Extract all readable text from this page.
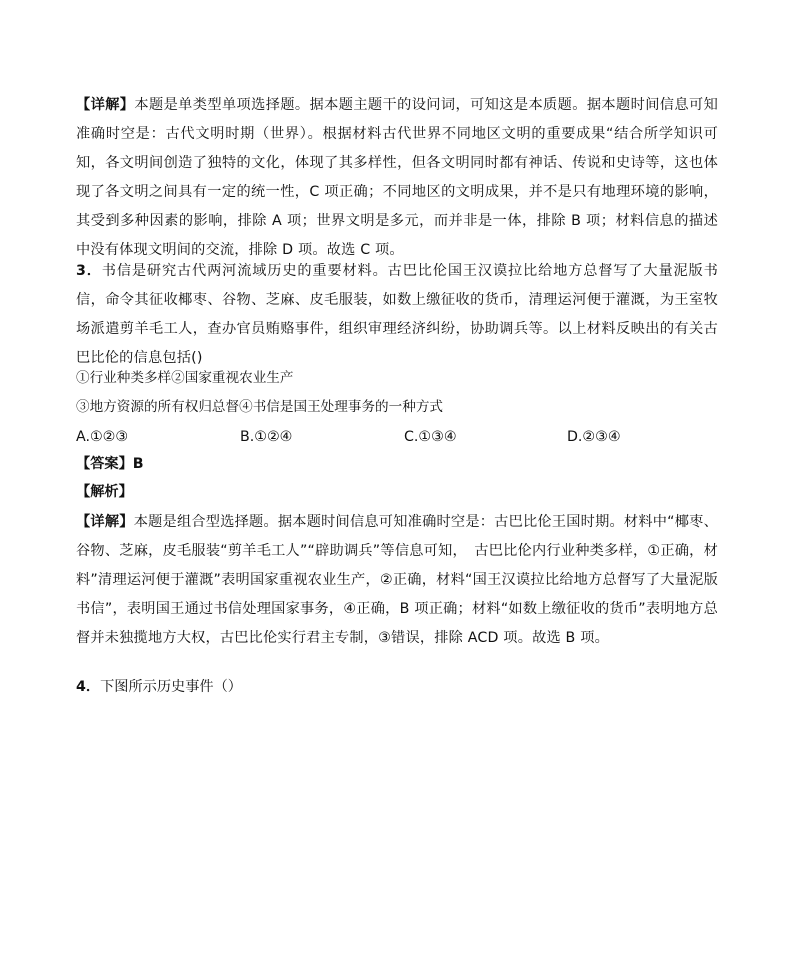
【详解】本题是单类型单项选择题。据本题主题干的设问词，可知这是本质题。据本题时间信息可知准确时空是：古代文明时期（世界）。根据材料古代世界不同地区文明的重要成果“结合所学知识可知，各文明间创造了独特的文化，体现了其多样性，但各文明同时都有神话、传说和史诗等，这也体现了各文明之间具有一定的统一性，C 项正确；不同地区的文明成果，并不是只有地理环境的影响，其受到多种因素的影响，排除 A 项；世界文明是多元，而并非是一体，排除 B 项；材料信息的描述中没有体现文明间的交流，排除 D 项。故选 C 项。

3．书信是研究古代两河流域历史的重要材料。古巴比伦国王汉谟拉比给地方总督写了大量泥版书信，命令其征收椰枣、谷物、芝麻、皮毛服装，如数上缴征收的货币，清理运河便于灌溉，为王室牧场派遣剪羊毛工人，查办官员贿赂事件，组织审理经济纠纷，协助调兵等。以上材料反映出的有关古巴比伦的信息包括()

①行业种类多样②国家重视农业生产

③地方资源的所有权归总督④书信是国王处理事务的一种方式

A.①②③	B.①②④	C.①③④	D.②③④

【答案】B

【解析】

【详解】本题是组合型选择题。据本题时间信息可知准确时空是：古巴比伦王国时期。材料中“椰枣、谷物、芝麻，皮毛服装“剪羊毛工人”“辟助调兵”等信息可知，　古巴比伦内行业种类多样，①正确，材料”清理运河便于灌溉”表明国家重视农业生产，②正确，材料“国王汉谟拉比给地方总督写了大量泥版书信”，表明国王通过书信处理国家事务，④正确，B 项正确；材料“如数上缴征收的货币”表明地方总督并未独揽地方大权，古巴比伦实行君主专制，③错误，排除 ACD 项。故选 B 项。

4．下图所示历史事件（）
